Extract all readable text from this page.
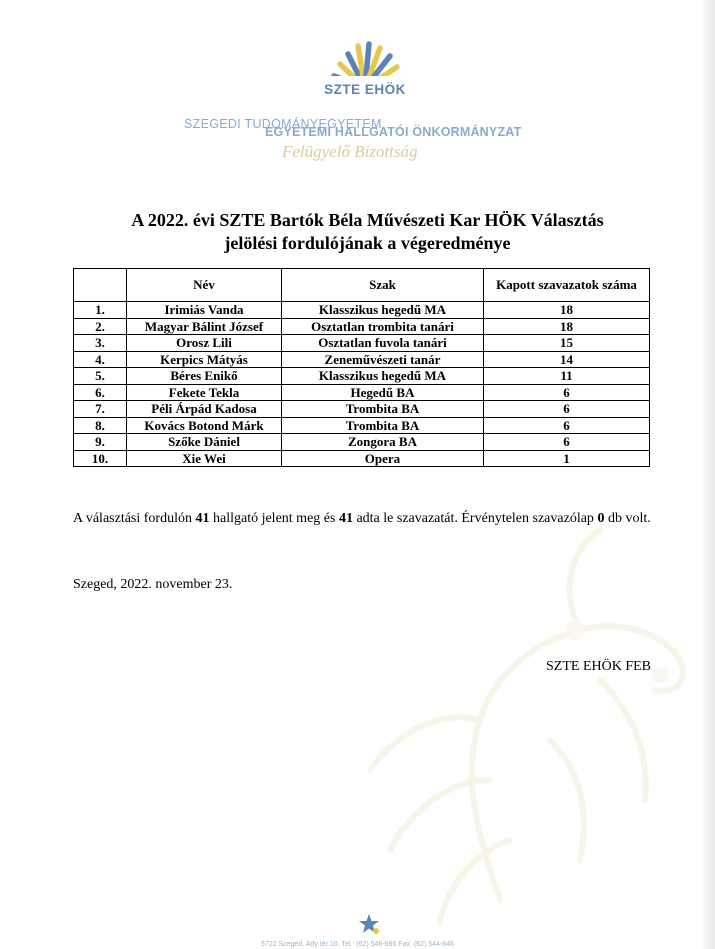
SZTE EHÖK
SZEGEDI TUDOMÁNYEGYETEM
EGYETEMI HALLGATÓI ÖNKORMÁNYZAT
Felügyelő Bizottság
A 2022. évi SZTE Bartók Béla Művészeti Kar HÖK Választás
jelölési fordulójának a végeredménye
	Név	Szak	Kapott szavazatok száma
1.	Irimiás Vanda	Klasszikus hegedű MA	18
2.	Magyar Bálint József	Osztatlan trombita tanári	18
3.	Orosz Lili	Osztatlan fuvola tanári	15
4.	Kerpics Mátyás	Zeneművészeti tanár	14
5.	Béres Enikő	Klasszikus hegedű MA	11
6.	Fekete Tekla	Hegedű BA	6
7.	Péli Árpád Kadosa	Trombita BA	6
8.	Kovács Botond Márk	Trombita BA	6
9.	Szőke Dániel	Zongora BA	6
10.	Xie Wei	Opera	1
A választási fordulón 41 hallgató jelent meg és 41 adta le szavazatát. Érvénytelen szavazólap 0 db volt.
Szeged, 2022. november 23.
SZTE EHÖK FEB
6722 Szeged, Ady tér 10. Tel.: (62) 546-686 Fax: (62) 544-846
